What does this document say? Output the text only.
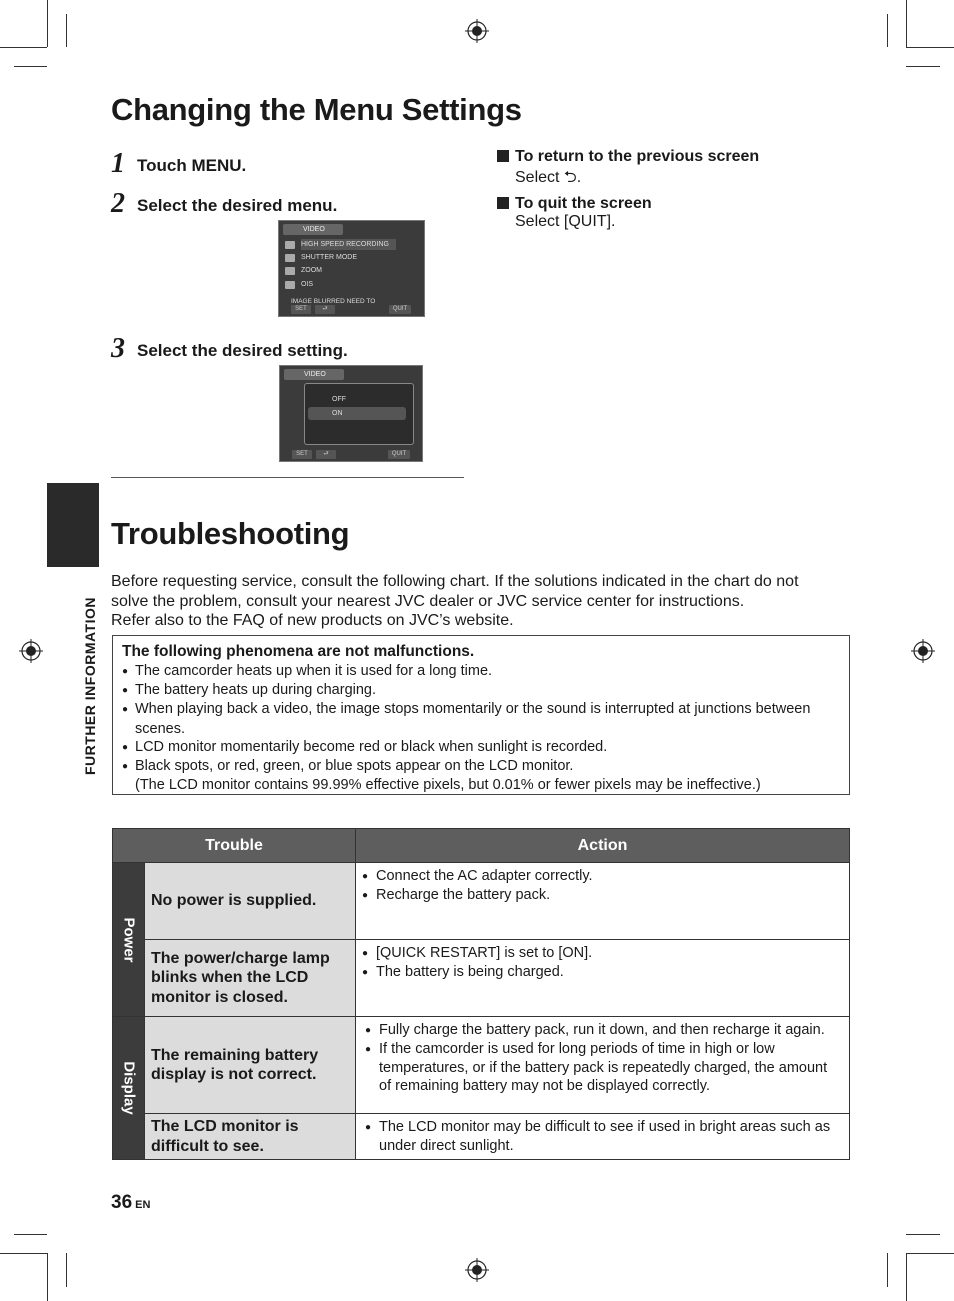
Changing the Menu Settings
1 Touch MENU.
2 Select the desired menu.
VIDEO
HIGH SPEED RECORDING
SHUTTER MODE
ZOOM
OIS
IMAGE BLURRED NEED TO
SET	⮐	QUIT
3 Select the desired setting.
VIDEO
OFF
ON
SET	⮐	QUIT
To return to the previous screen
Select ⮌.
To quit the screen
Select [QUIT].
FURTHER INFORMATION
Troubleshooting
Before requesting service, consult the following chart. If the solutions indicated in the chart do not
solve the problem, consult your nearest JVC dealer or JVC service center for instructions.
Refer also to the FAQ of new products on JVC’s website.
The following phenomena are not malfunctions.
● The camcorder heats up when it is used for a long time.
● The battery heats up during charging.
● When playing back a video, the image stops momentarily or the sound is interrupted at junctions between scenes.
● LCD monitor momentarily become red or black when sunlight is recorded.
● Black spots, or red, green, or blue spots appear on the LCD monitor.
(The LCD monitor contains 99.99% effective pixels, but 0.01% or fewer pixels may be ineffective.)
Trouble		Action

Power	No power is supplied.	● Connect the AC adapter correctly.
● Recharge the battery pack.

	The power/charge lamp blinks when the LCD monitor is closed.	● [QUICK RESTART] is set to [ON].
● The battery is being charged.

Display	The remaining battery display is not correct.	● Fully charge the battery pack, run it down, and then recharge it again.
● If the camcorder is used for long periods of time in high or low temperatures, or if the battery pack is repeatedly charged, the amount of remaining battery may not be displayed correctly.

	The LCD monitor is difficult to see.	● The LCD monitor may be difficult to see if used in bright areas such as under direct sunlight.
36 EN
